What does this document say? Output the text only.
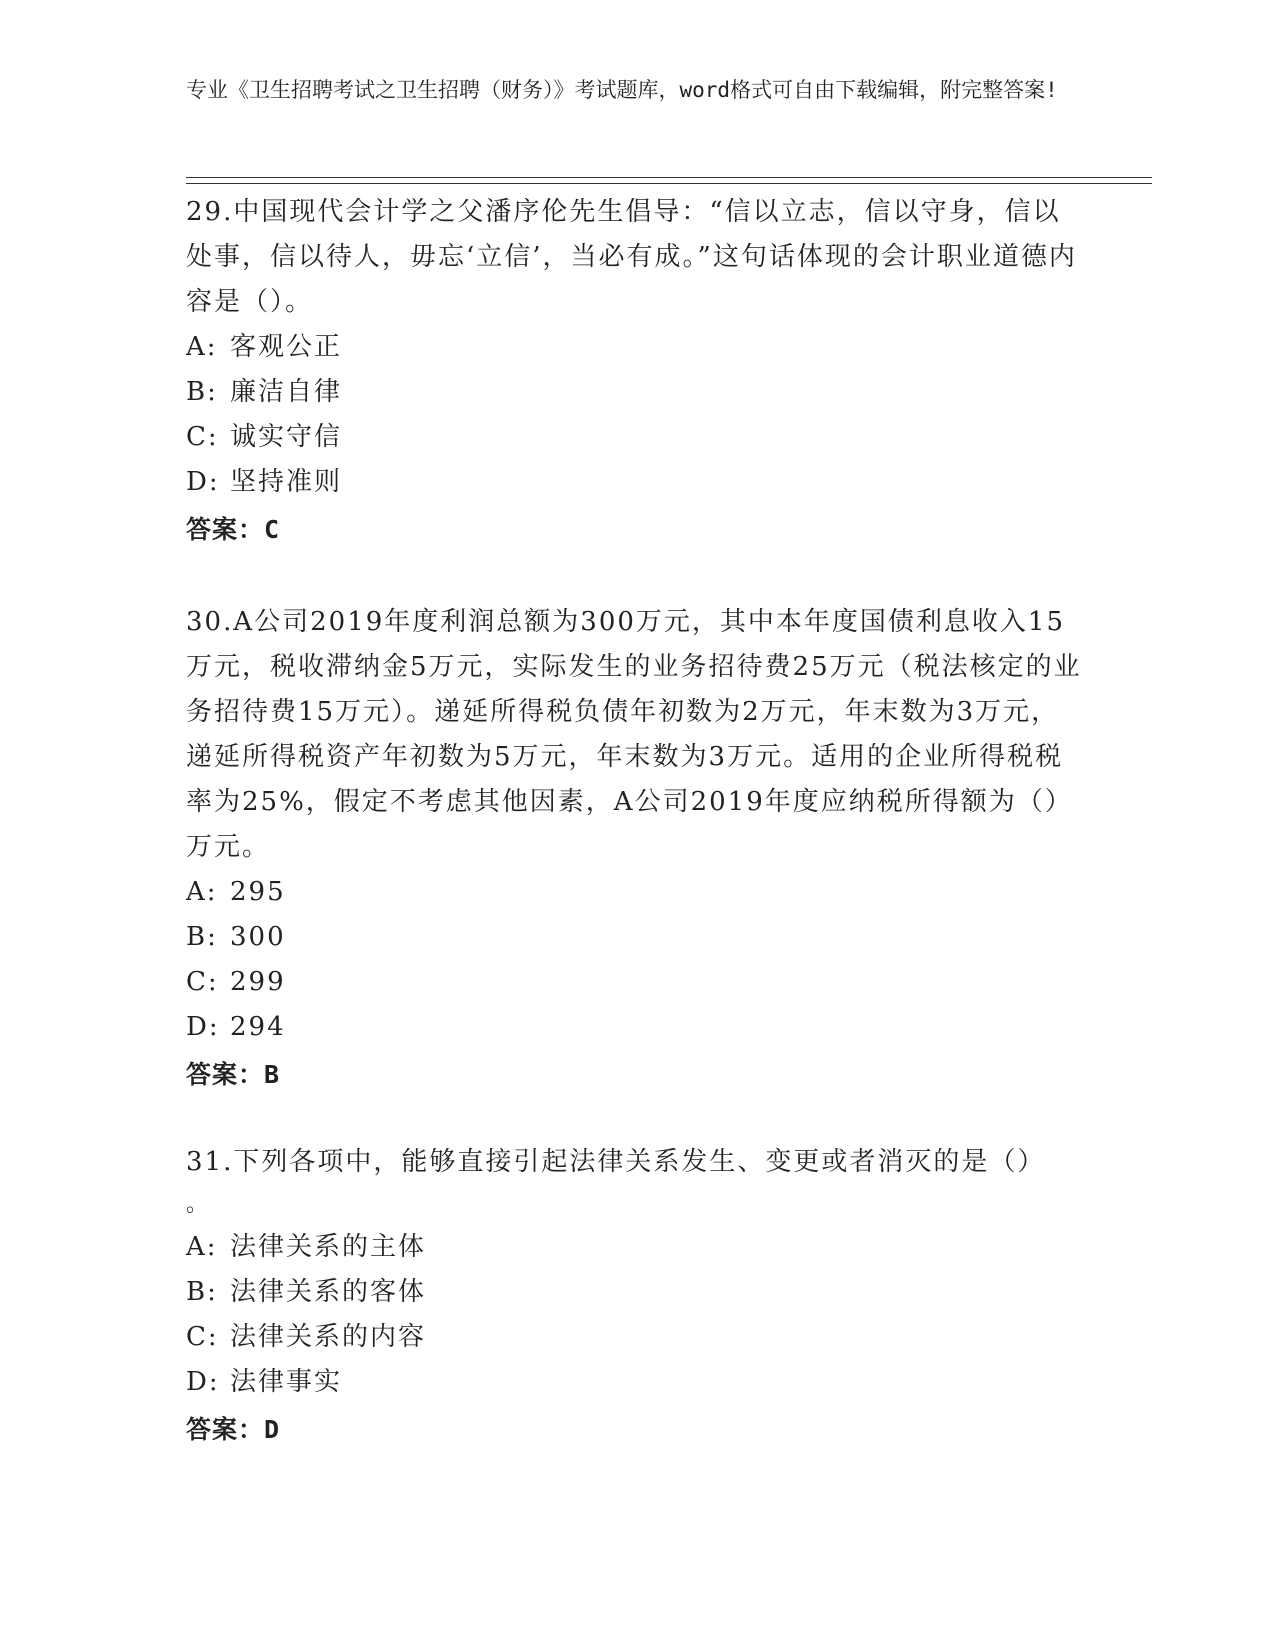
专业《卫生招聘考试之卫生招聘（财务）》考试题库，word格式可自由下载编辑，附完整答案!

29.中国现代会计学之父潘序伦先生倡导：“信以立志，信以守身，信以处事，信以待人，毋忘‘立信’，当必有成。”这句话体现的会计职业道德内容是（）。

A: 客观公正
B: 廉洁自律
C: 诚实守信
D: 坚持准则
答案： C

30.A公司2019年度利润总额为300万元，其中本年度国债利息收入15万元，税收滞纳金5万元，实际发生的业务招待费25万元（税法核定的业务招待费15万元）。递延所得税负债年初数为2万元，年末数为3万元，递延所得税资产年初数为5万元，年末数为3万元。适用的企业所得税税率为25%，假定不考虑其他因素，A公司2019年度应纳税所得额为（）万元。

A: 295
B: 300
C: 299
D: 294
答案： B

31.下列各项中，能够直接引起法律关系发生、变更或者消灭的是（）

。

A: 法律关系的主体
B: 法律关系的客体
C: 法律关系的内容
D: 法律事实
答案： D
